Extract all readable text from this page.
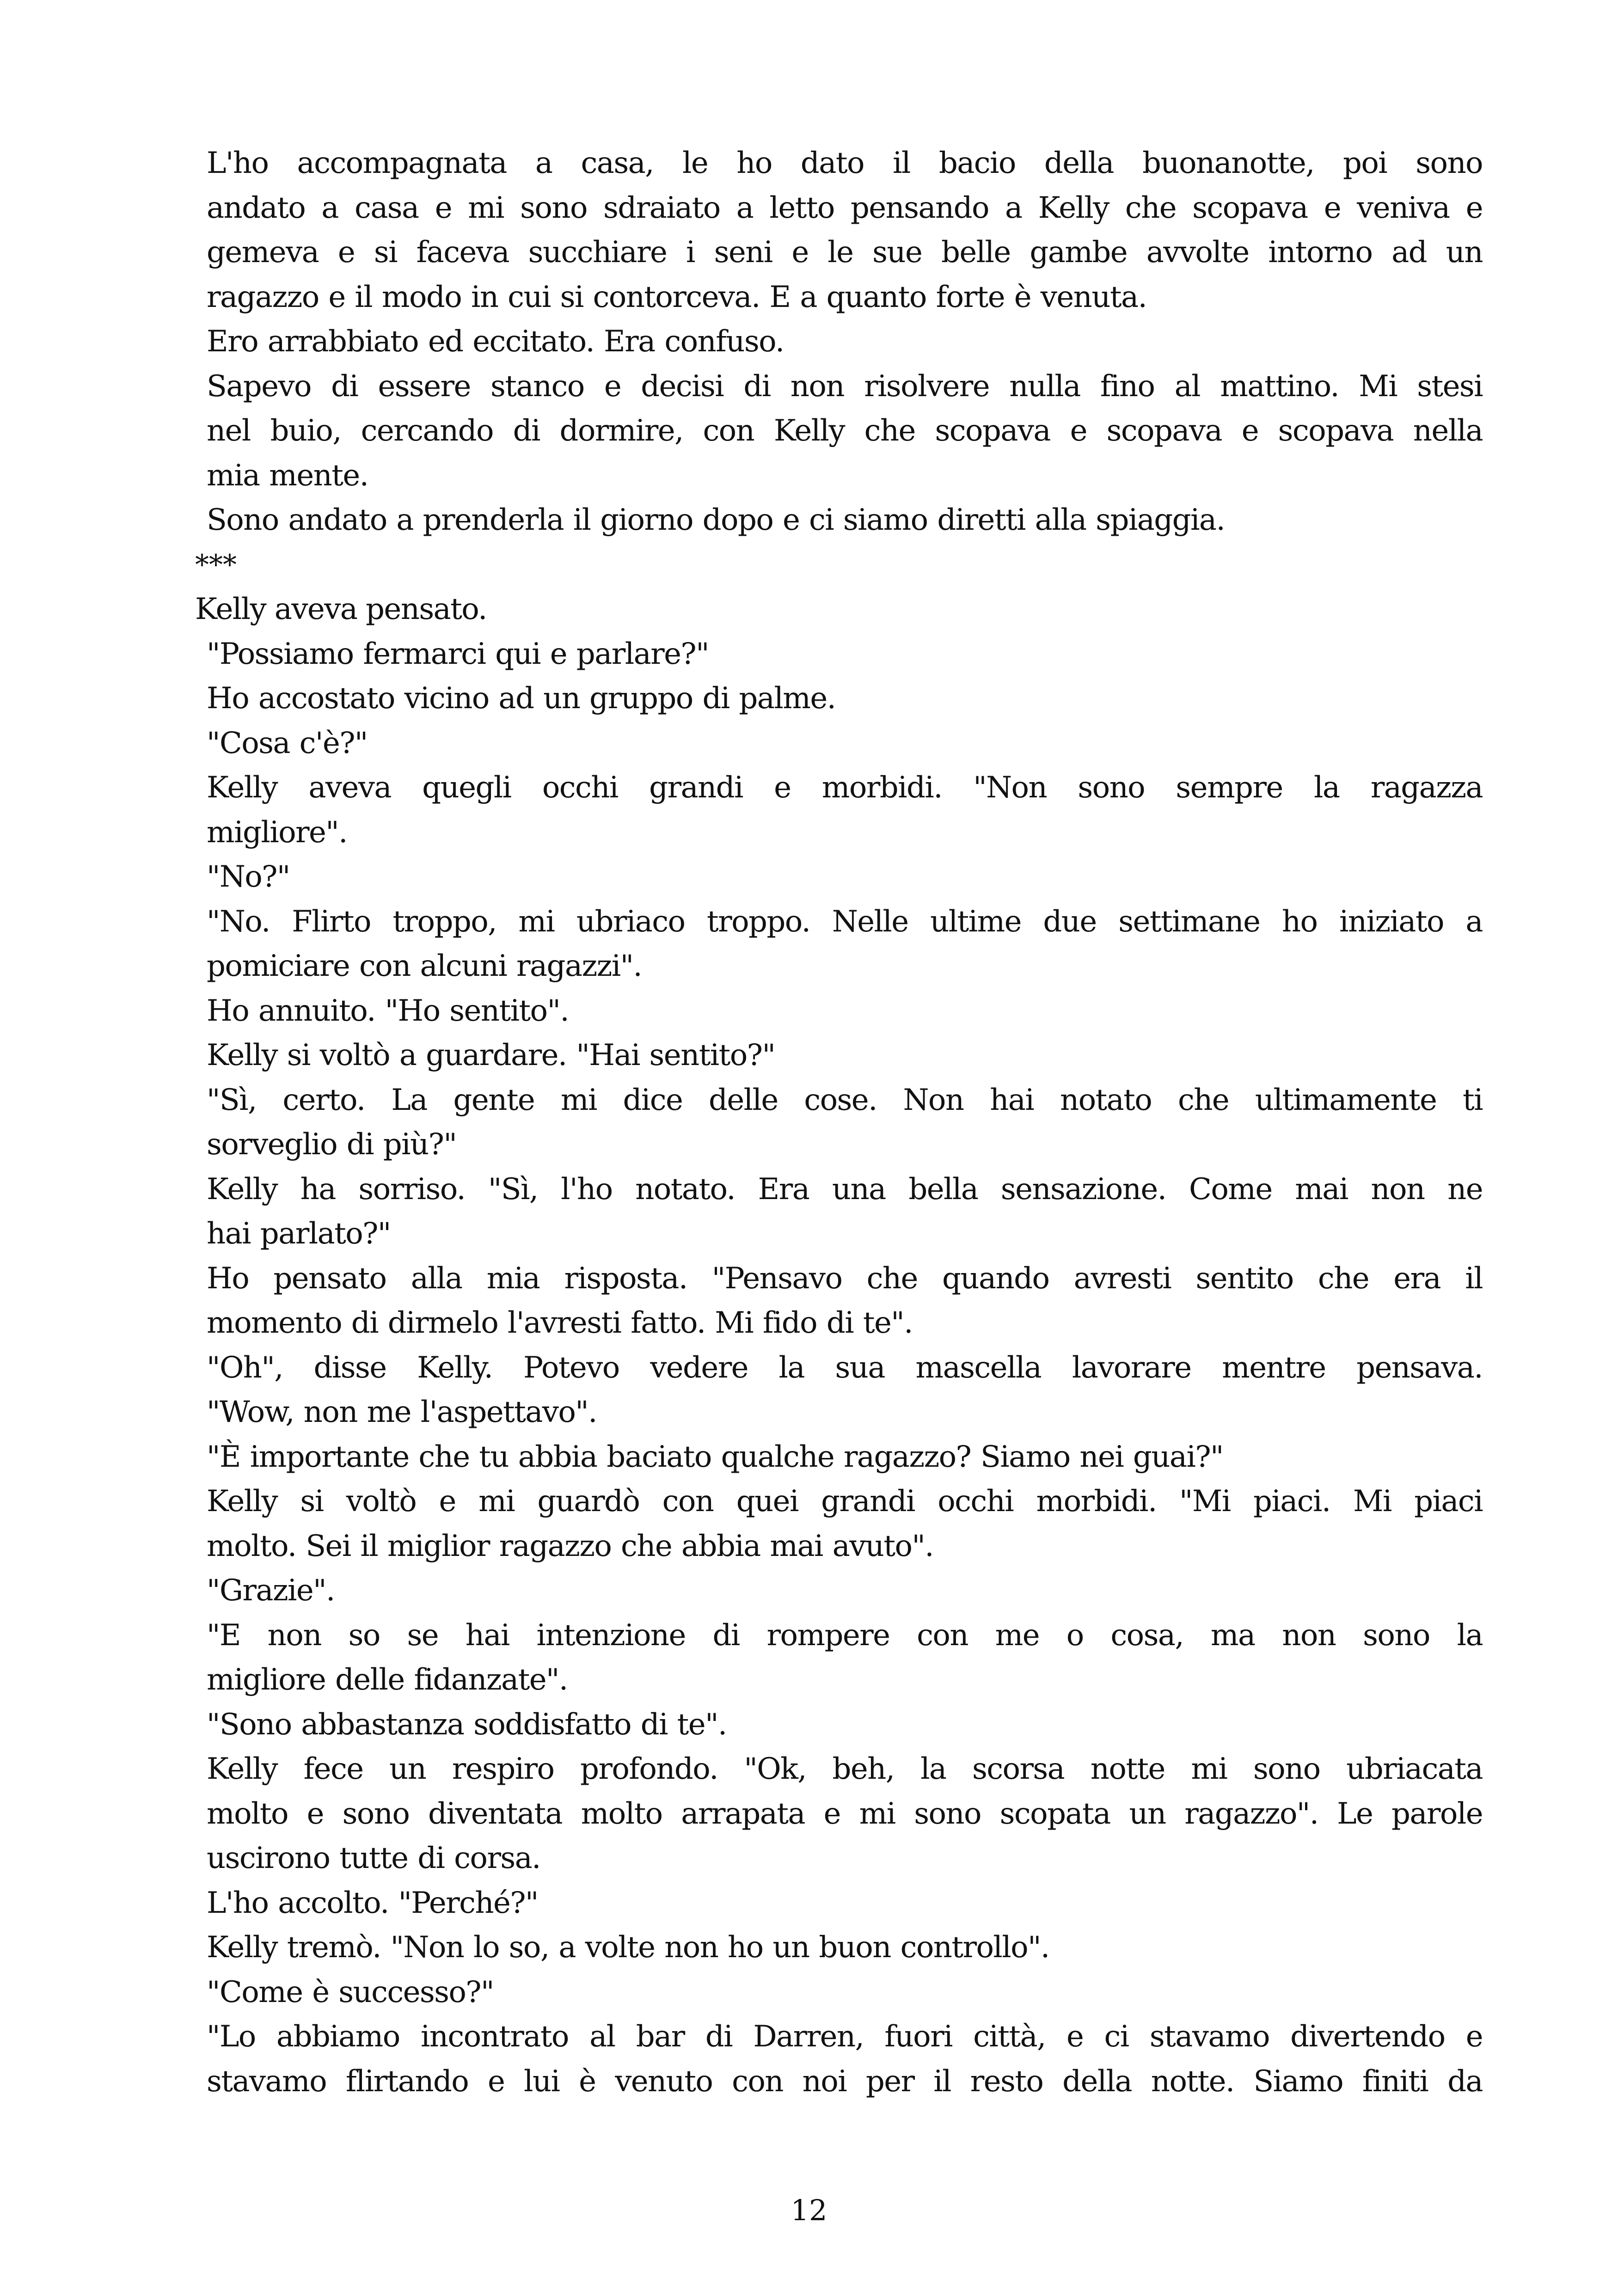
L'ho accompagnata a casa, le ho dato il bacio della buonanotte, poi sono
andato a casa e mi sono sdraiato a letto pensando a Kelly che scopava e veniva e
gemeva e si faceva succhiare i seni e le sue belle gambe avvolte intorno ad un
ragazzo e il modo in cui si contorceva. E a quanto forte è venuta.

Ero arrabbiato ed eccitato. Era confuso.

Sapevo di essere stanco e decisi di non risolvere nulla fino al mattino. Mi stesi
nel buio, cercando di dormire, con Kelly che scopava e scopava e scopava nella
mia mente.

Sono andato a prenderla il giorno dopo e ci siamo diretti alla spiaggia.

***

Kelly aveva pensato.

"Possiamo fermarci qui e parlare?"

Ho accostato vicino ad un gruppo di palme.

"Cosa c'è?"

Kelly aveva quegli occhi grandi e morbidi. "Non sono sempre la ragazza
migliore".

"No?"

"No. Flirto troppo, mi ubriaco troppo. Nelle ultime due settimane ho iniziato a
pomiciare con alcuni ragazzi".

Ho annuito. "Ho sentito".

Kelly si voltò a guardare. "Hai sentito?"

"Sì, certo. La gente mi dice delle cose. Non hai notato che ultimamente ti
sorveglio di più?"

Kelly ha sorriso. "Sì, l'ho notato. Era una bella sensazione. Come mai non ne
hai parlato?"

Ho pensato alla mia risposta. "Pensavo che quando avresti sentito che era il
momento di dirmelo l'avresti fatto. Mi fido di te".

"Oh", disse Kelly. Potevo vedere la sua mascella lavorare mentre pensava.
"Wow, non me l'aspettavo".

"È importante che tu abbia baciato qualche ragazzo? Siamo nei guai?"

Kelly si voltò e mi guardò con quei grandi occhi morbidi. "Mi piaci. Mi piaci
molto. Sei il miglior ragazzo che abbia mai avuto".

"Grazie".

"E non so se hai intenzione di rompere con me o cosa, ma non sono la
migliore delle fidanzate".

"Sono abbastanza soddisfatto di te".

Kelly fece un respiro profondo. "Ok, beh, la scorsa notte mi sono ubriacata
molto e sono diventata molto arrapata e mi sono scopata un ragazzo". Le parole
uscirono tutte di corsa.

L'ho accolto. "Perché?"

Kelly tremò. "Non lo so, a volte non ho un buon controllo".

"Come è successo?"

"Lo abbiamo incontrato al bar di Darren, fuori città, e ci stavamo divertendo e
stavamo flirtando e lui è venuto con noi per il resto della notte. Siamo finiti da

12
